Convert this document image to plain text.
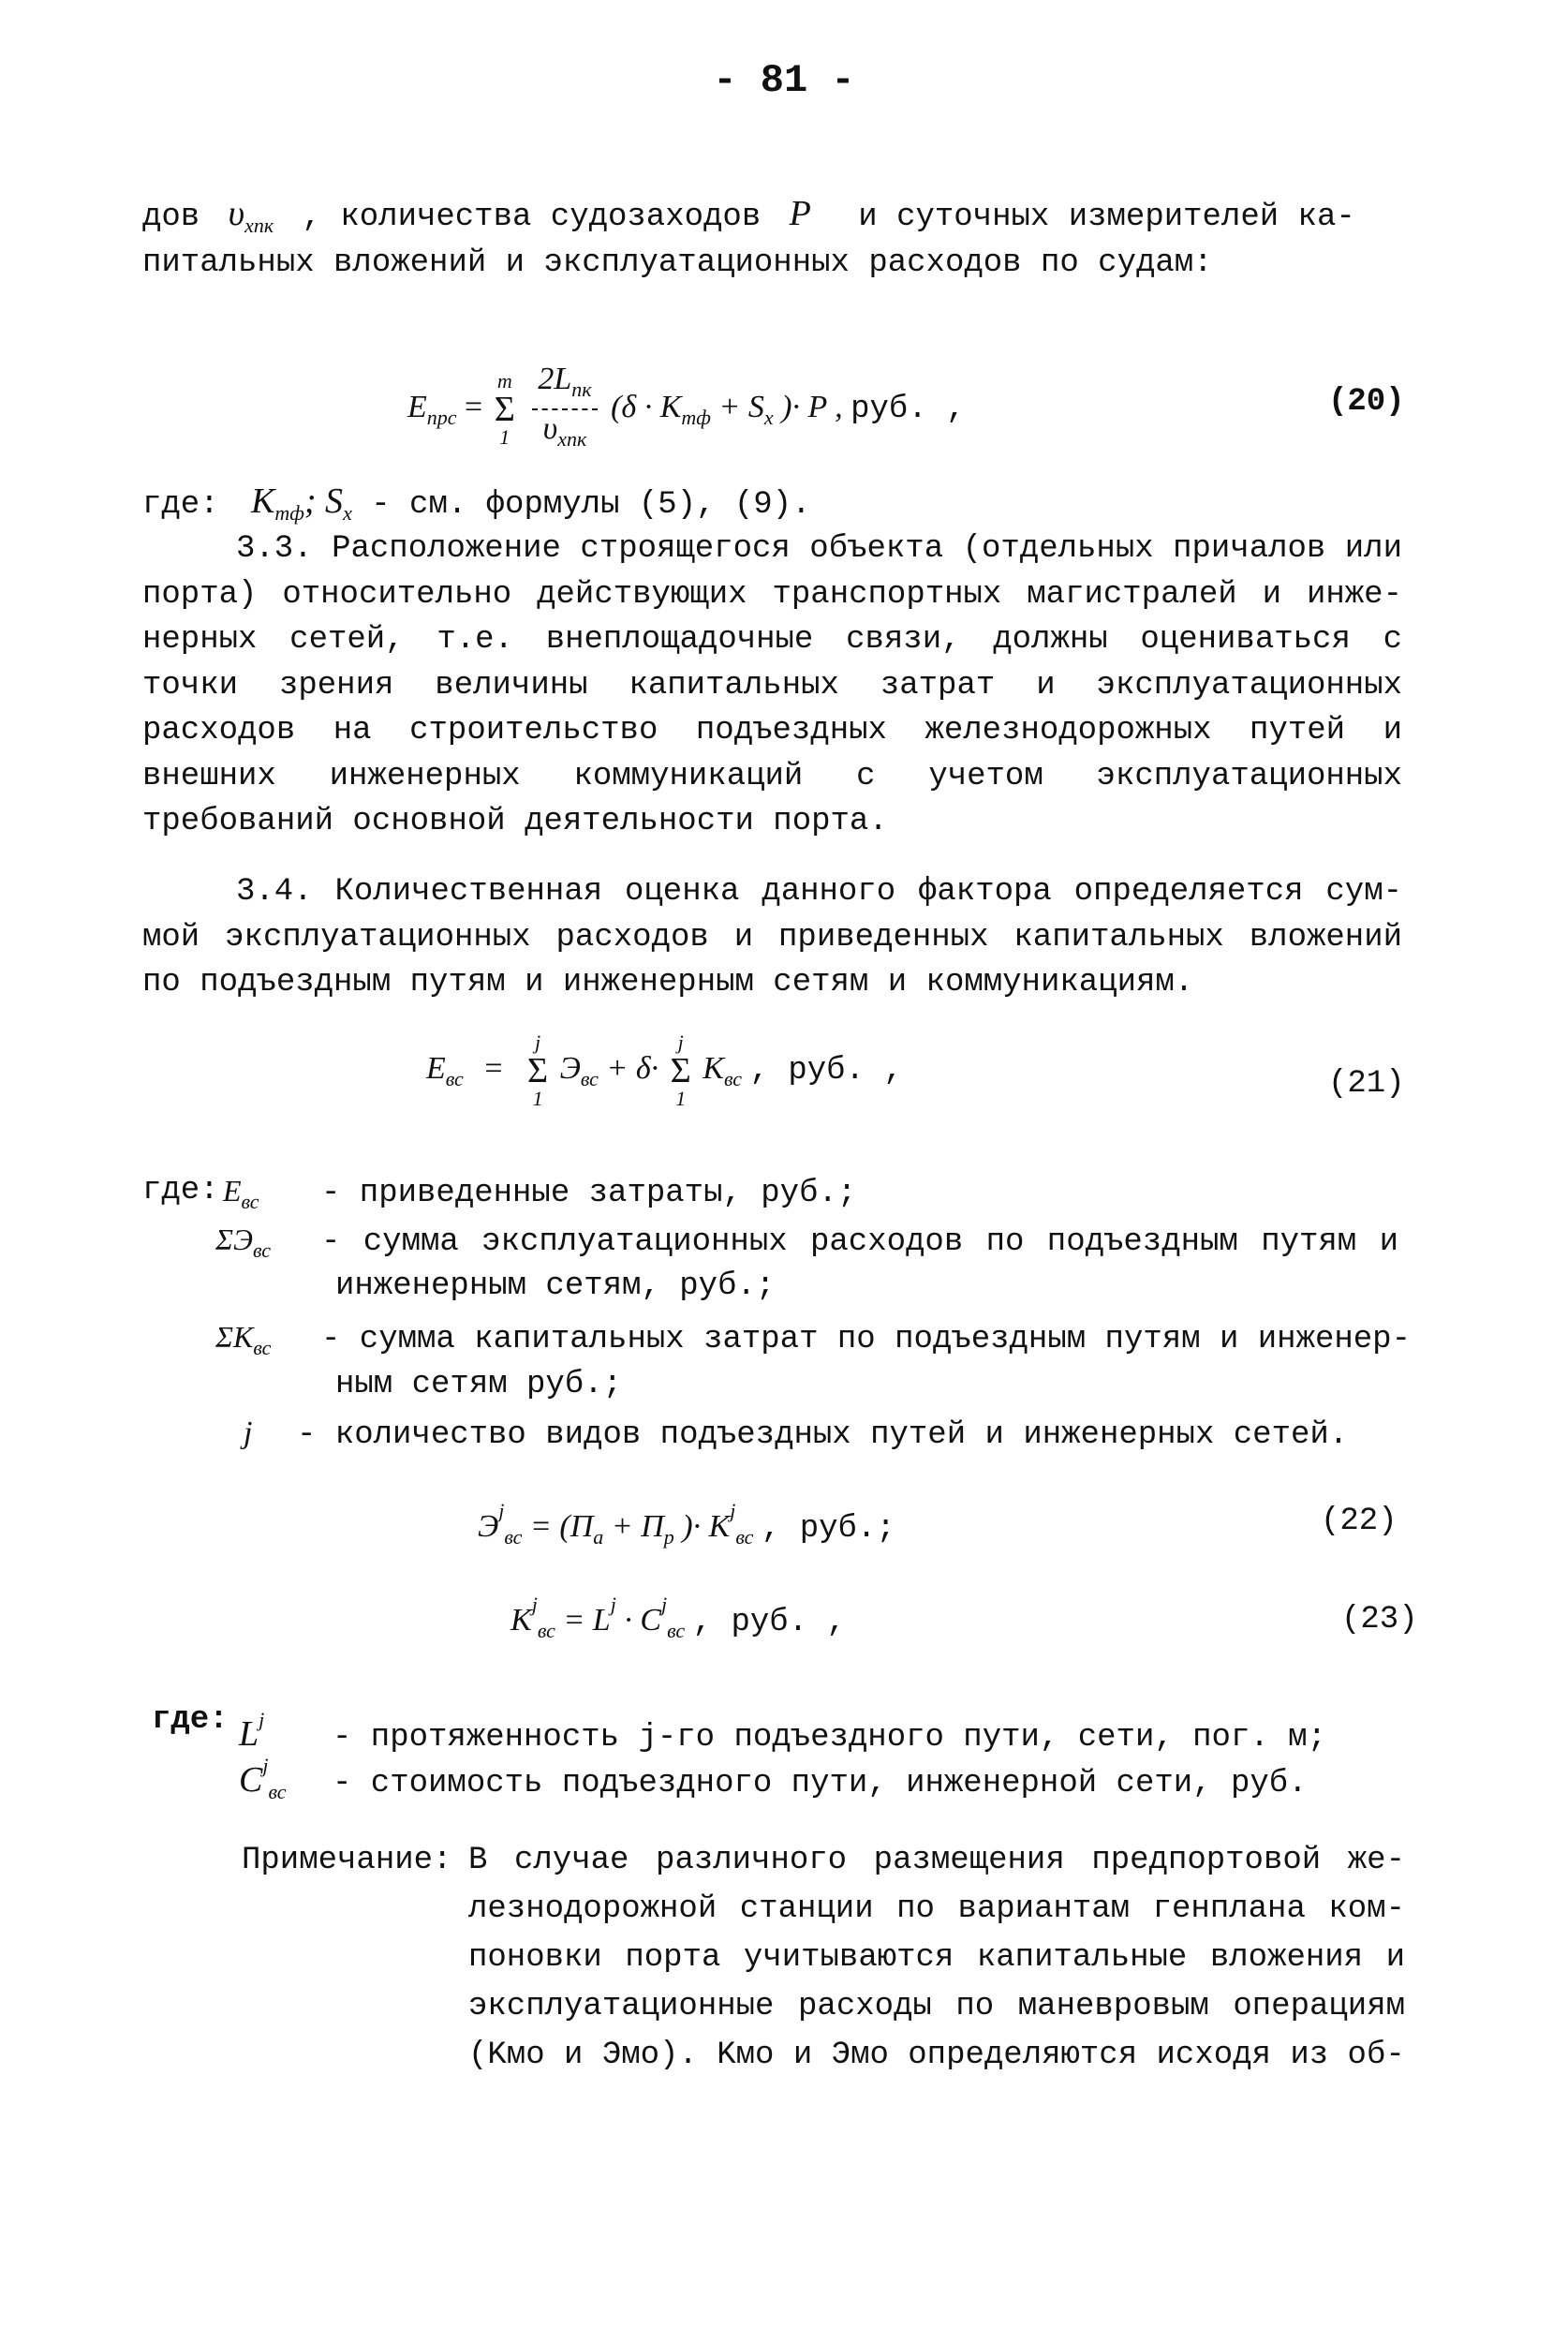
- 81 -
дов $\upsilon_{хпк}$ , количества судозаходов P и суточных измерителей ка-
питальных вложений и эксплуатационных расходов по судам:
$E_{прс}$ =
m
Σ
1
$\frac{2L_{пк}}{\upsilon_{хпк}} (\delta \cdot K_{тф} + S_x$ )· P , руб. ,	(20)
где: $K_{тф}$; $S_x$ - см. формулы (5), (9).
3.3. Расположение строящегося объекта (отдельных причалов или порта) относительно действующих транспортных магистралей и инженерных сетей, т.е. внеплощадочные связи, должны оцениваться с точки зрения величины капитальных затрат и эксплуатационных расходов на строительство подъездных железнодорожных путей и внешних инженерных коммуникаций с учетом эксплуатационных требований основной деятельности порта.
3.4. Количественная оценка данного фактора определяется суммой эксплуатационных расходов и приведенных капитальных вложений по подъездным путям и инженерным сетям и коммуникациям.
$E_{вс}$ =
j
Σ
1
$Э_{вс} + \delta\cdot$
j
Σ
1
$K_{вс}$ , руб. ,	(21)
где: $E_{вс}$ - приведенные затраты, руб.;
$\Sigma Э_{вс}$ - сумма эксплуатационных расходов по подъездным путям и
инженерным сетям, руб.;
$\Sigma K_{вс}$ - сумма капитальных затрат по подъездным путям и инженер-
ным сетям руб.;
j - количество видов подъездных путей и инженерных сетей.
$Э^j_{вс} = (П_а + П_р$ )· $K^j_{вс}$ , руб.;	(22)
$K^j_{вс} = L^j \cdot C^j_{вс}$ , руб. ,	(23)
где: $L^j-$ протяженность j-го подъездного пути, сети, пог. м;
$C^j_{вс}$ - стоимость подъездного пути, инженерной сети, руб.
Примечание: В случае различного размещения предпортовой железнодорожной станции по вариантам генплана компоновки порта учитываются капитальные вложения и эксплуатационные расходы по маневровым операциям (Kмо и Эмо). Kмо и Эмо определяются исходя из об-
